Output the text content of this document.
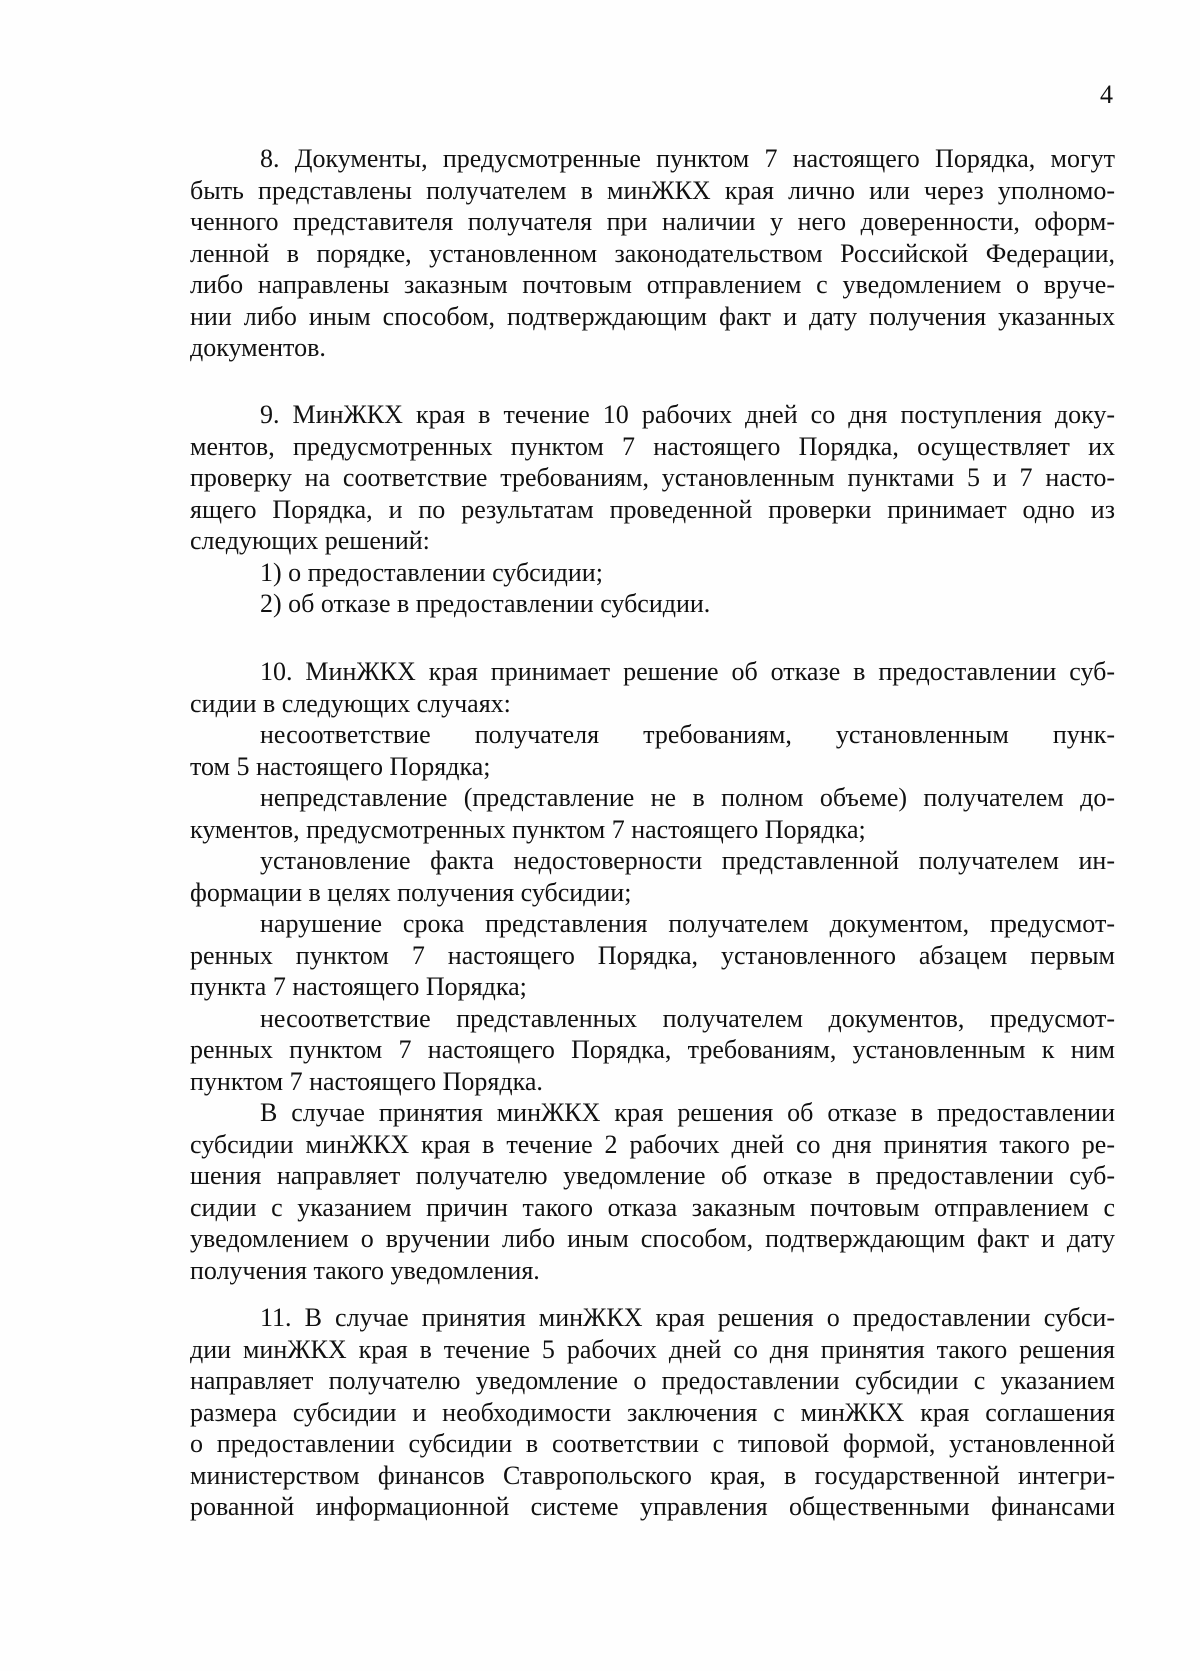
4
8. Документы, предусмотренные пунктом 7 настоящего Порядка, могут
быть представлены получателем в минЖКХ края лично или через уполномо-
ченного представителя получателя при наличии у него доверенности, оформ-
ленной в порядке, установленном законодательством Российской Федерации,
либо направлены заказным почтовым отправлением с уведомлением о вруче-
нии либо иным способом, подтверждающим факт и дату получения указанных
документов.
9. МинЖКХ края в течение 10 рабочих дней со дня поступления доку-
ментов, предусмотренных пунктом 7 настоящего Порядка, осуществляет их
проверку на соответствие требованиям, установленным пунктами 5 и 7 насто-
ящего Порядка, и по результатам проведенной проверки принимает одно из
следующих решений:
1) о предоставлении субсидии;
2) об отказе в предоставлении субсидии.
10. МинЖКХ края принимает решение об отказе в предоставлении суб-
сидии в следующих случаях:
несоответствие получателя требованиям, установленным пунк-
том 5 настоящего Порядка;
непредставление (представление не в полном объеме) получателем до-
кументов, предусмотренных пунктом 7 настоящего Порядка;
установление факта недостоверности представленной получателем ин-
формации в целях получения субсидии;
нарушение срока представления получателем документом, предусмот-
ренных пунктом 7 настоящего Порядка, установленного абзацем первым
пункта 7 настоящего Порядка;
несоответствие представленных получателем документов, предусмот-
ренных пунктом 7 настоящего Порядка, требованиям, установленным к ним
пунктом 7 настоящего Порядка.
В случае принятия минЖКХ края решения об отказе в предоставлении
субсидии минЖКХ края в течение 2 рабочих дней со дня принятия такого ре-
шения направляет получателю уведомление об отказе в предоставлении суб-
сидии с указанием причин такого отказа заказным почтовым отправлением с
уведомлением о вручении либо иным способом, подтверждающим факт и дату
получения такого уведомления.
11. В случае принятия минЖКХ края решения о предоставлении субси-
дии минЖКХ края в течение 5 рабочих дней со дня принятия такого решения
направляет получателю уведомление о предоставлении субсидии с указанием
размера субсидии и необходимости заключения с минЖКХ края соглашения
о предоставлении субсидии в соответствии с типовой формой, установленной
министерством финансов Ставропольского края, в государственной интегри-
рованной информационной системе управления общественными финансами
